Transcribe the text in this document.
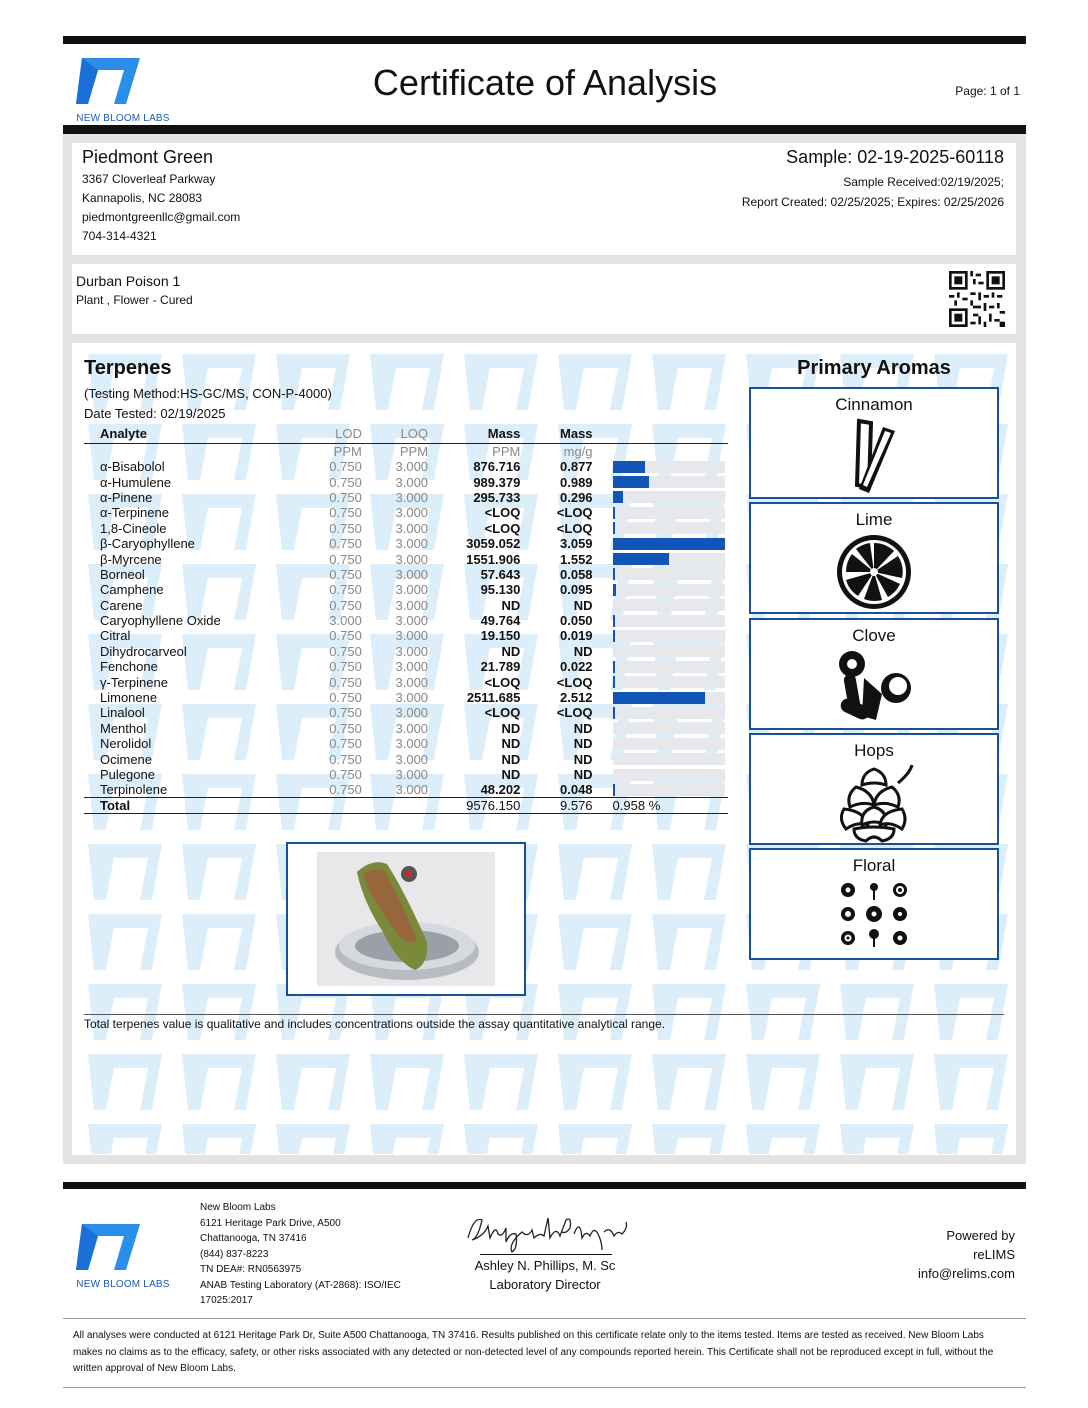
NEW BLOOM LABS
Certificate of Analysis	Page: 1 of 1
Piedmont Green
3367 Cloverleaf Parkway
Kannapolis, NC 28083
piedmontgreenllc@gmail.com
704-314-4321
Sample: 02-19-2025-60118
Sample Received:02/19/2025;
Report Created: 02/25/2025; Expires: 02/25/2026
Durban Poison 1
Plant , Flower - Cured
Terpenes
(Testing Method:HS-GC/MS, CON-P-4000)
Date Tested: 02/19/2025
Analyte	LOD	LOQ	Mass	Mass	
	PPM	PPM	PPM	mg/g	
α-Bisabolol	0.750	3.000	876.716	0.877	

α-Humulene	0.750	3.000	989.379	0.989	

α-Pinene	0.750	3.000	295.733	0.296	

α-Terpinene	0.750	3.000	<LOQ	<LOQ	

1,8-Cineole	0.750	3.000	<LOQ	<LOQ	

β-Caryophyllene	0.750	3.000	3059.052	3.059	

β-Myrcene	0.750	3.000	1551.906	1.552	

Borneol	0.750	3.000	57.643	0.058	

Camphene	0.750	3.000	95.130	0.095	

Carene	0.750	3.000	ND	ND	

Caryophyllene Oxide	3.000	3.000	49.764	0.050	

Citral	0.750	3.000	19.150	0.019	

Dihydrocarveol	0.750	3.000	ND	ND	

Fenchone	0.750	3.000	21.789	0.022	

γ-Terpinene	0.750	3.000	<LOQ	<LOQ	

Limonene	0.750	3.000	2511.685	2.512	

Linalool	0.750	3.000	<LOQ	<LOQ	

Menthol	0.750	3.000	ND	ND	

Nerolidol	0.750	3.000	ND	ND	

Ocimene	0.750	3.000	ND	ND	

Pulegone	0.750	3.000	ND	ND	

Terpinolene	0.750	3.000	48.202	0.048	

Total			9576.150	9.576	0.958 %
Total terpenes value is qualitative and includes concentrations outside the assay quantitative analytical range.
Primary Aromas
Cinnamon
Lime
Clove
Hops
Floral
NEW BLOOM LABS
New Bloom Labs
6121 Heritage Park Drive, A500
Chattanooga, TN 37416
(844) 837-8223
TN DEA#: RN0563975
ANAB Testing Laboratory (AT-2868): ISO/IEC
17025:2017
Ashley N. Phillips, M. Sc
Laboratory Director
Powered by
reLIMS
info@relims.com
All analyses were conducted at 6121 Heritage Park Dr, Suite A500 Chattanooga, TN 37416. Results published on this certificate relate only to the items tested. Items are tested as received. New Bloom Labs makes no claims as to the efficacy, safety, or other risks associated with any detected or non-detected level of any compounds reported herein. This Certificate shall not be reproduced except in full, without the written approval of New Bloom Labs.
